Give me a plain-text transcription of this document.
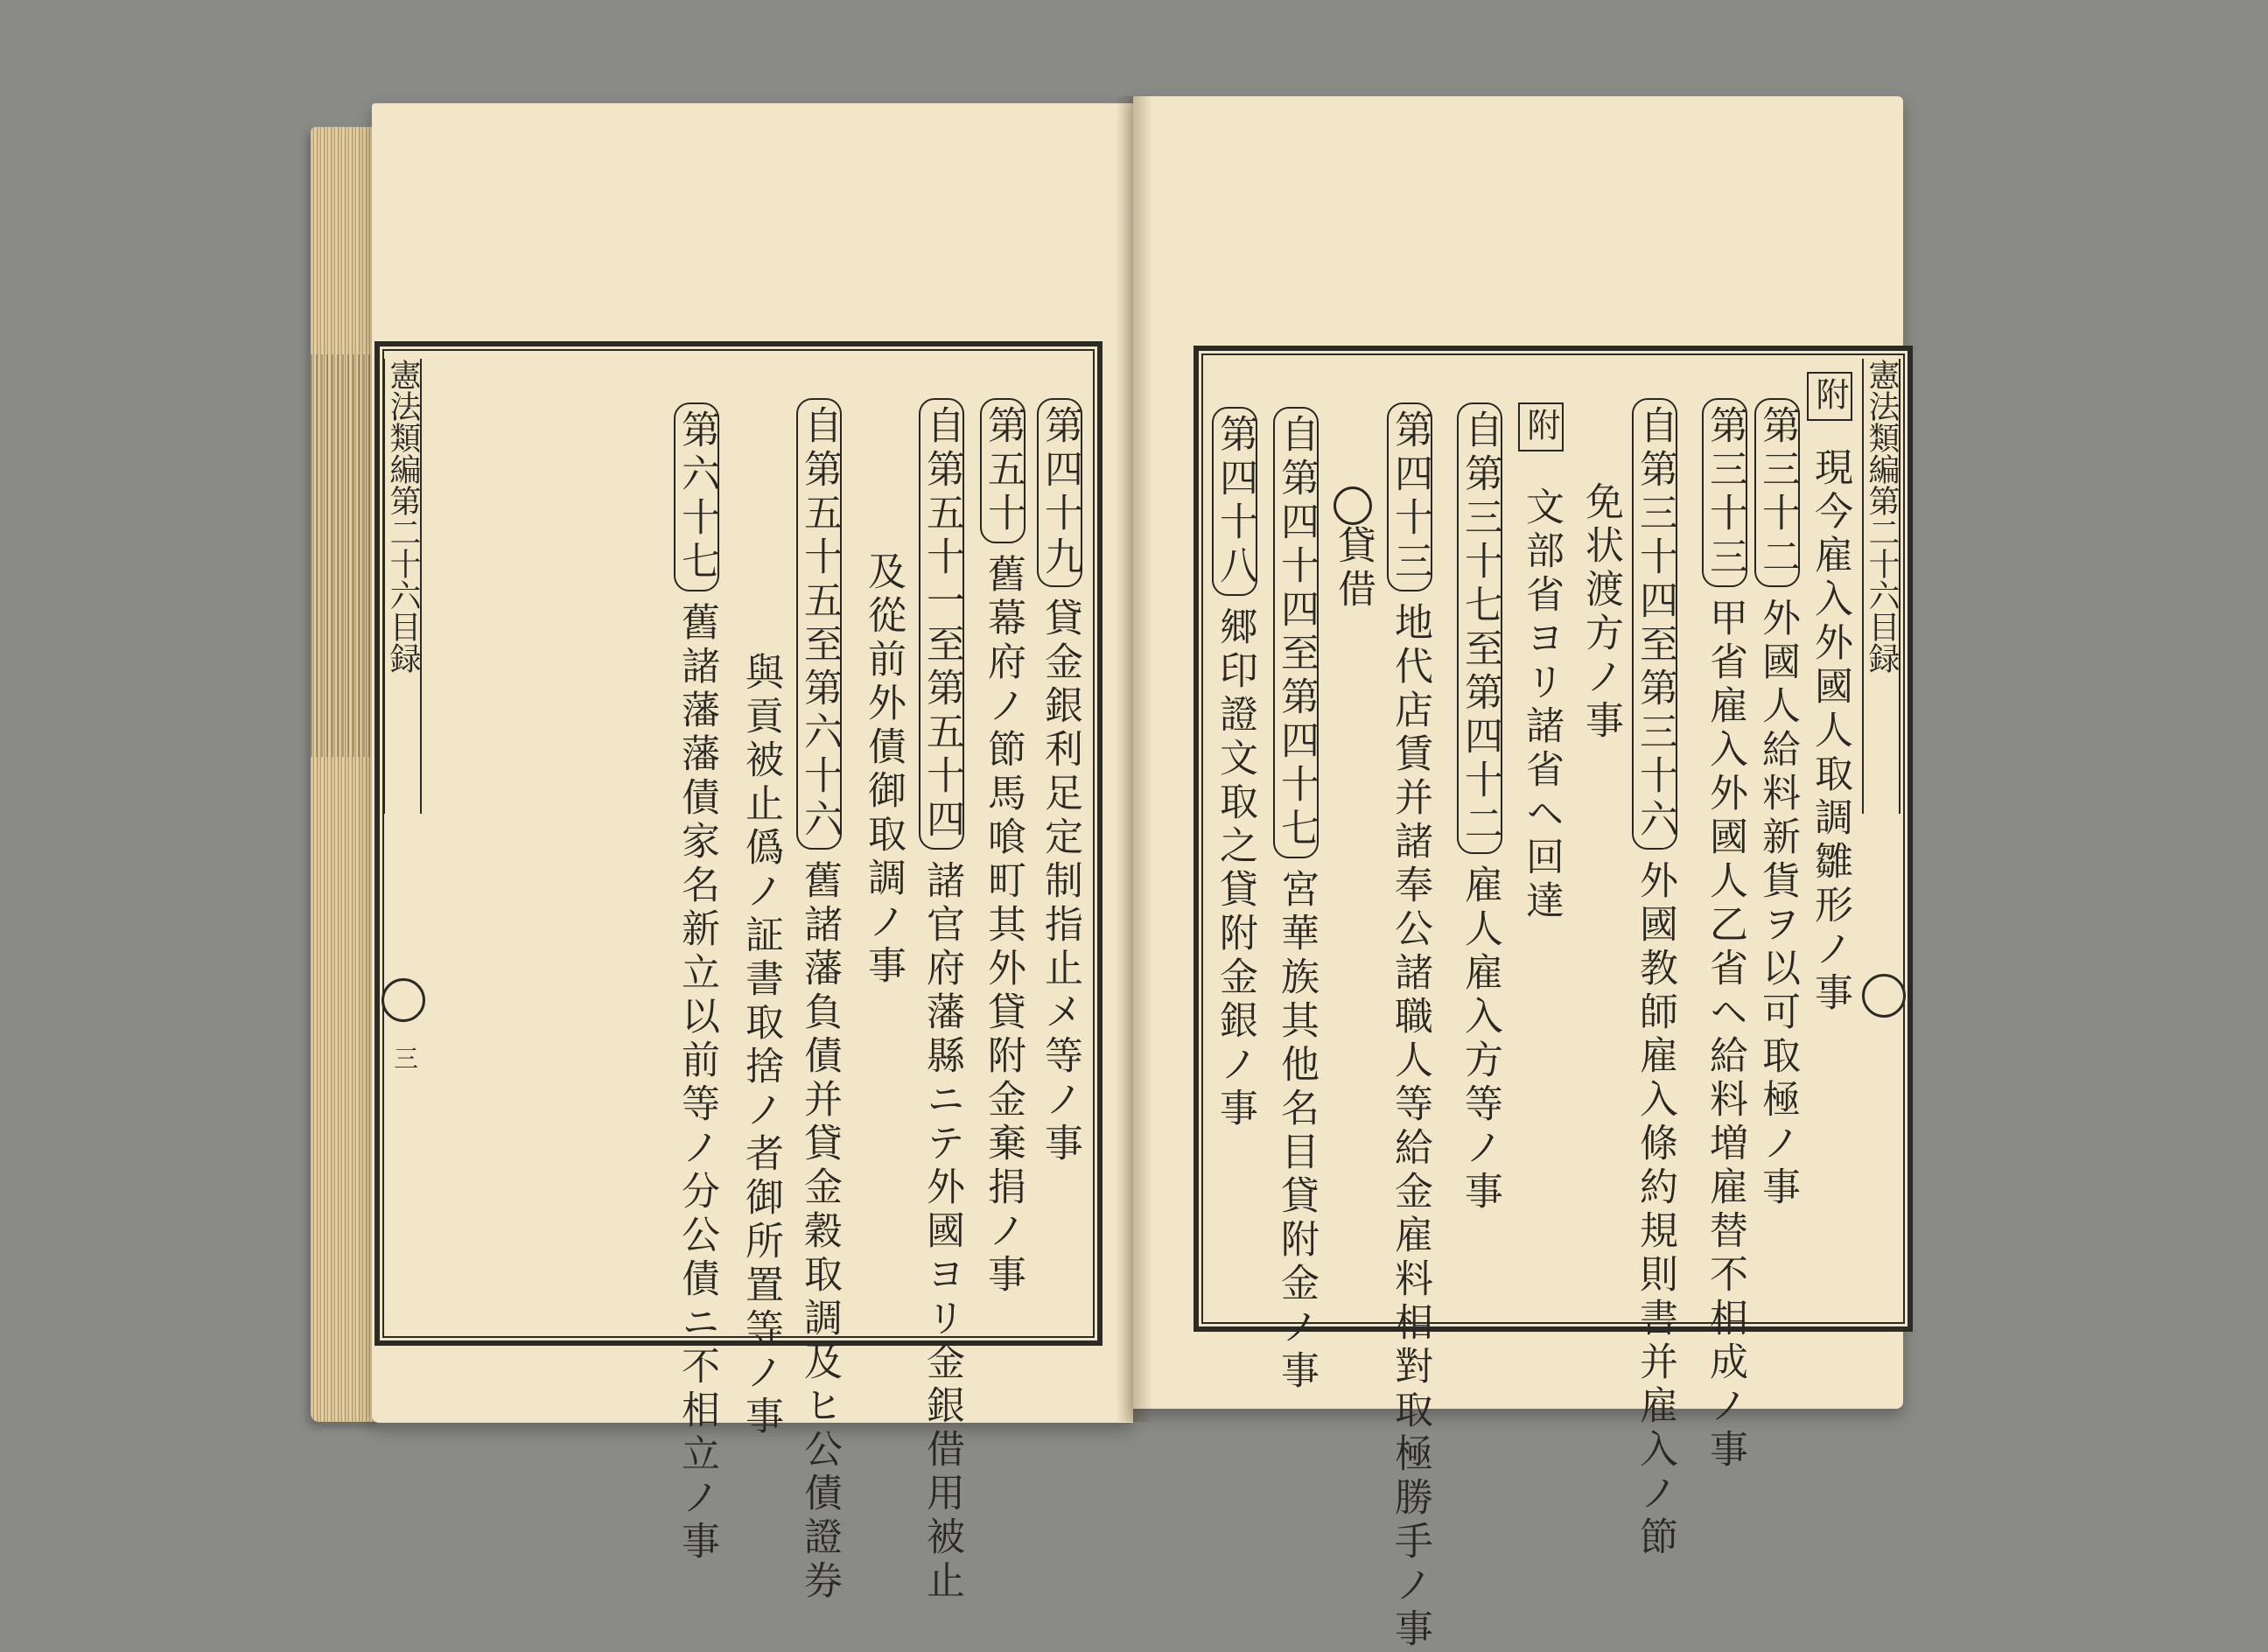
憲法類編
第二十六目録
三
憲法類編
第二十六目録
附現今雇入外國人取調雛形ノ事
第三十二外國人給料新貨ヲ以可取極ノ事
第三十三甲省雇入外國人乙省ヘ給料増雇替不相成ノ事
自第三十四至第三十六外國教師雇入條約規則書并雇入ノ節
免状渡方ノ事
附文部省ヨリ諸省ヘ回達
自第三十七至第四十二雇人雇入方等ノ事
第四十三地代店賃并諸奉公諸職人等給金雇料相對取極勝手ノ事
貸借
自第四十四至第四十七宮華族其他名目貸附金ノ事
第四十八郷印證文取之貸附金銀ノ事
第四十九貸金銀利足定制指止メ等ノ事
第五十舊幕府ノ節馬喰町其外貸附金棄捐ノ事
自第五十一至第五十四諸官府藩縣ニテ外國ヨリ金銀借用被止
及從前外債御取調ノ事
自第五十五至第六十六舊諸藩負債并貸金穀取調及ヒ公債證券
與貢被止僞ノ証書取捨ノ者御所置等ノ事
第六十七舊諸藩藩債家名新立以前等ノ分公債ニ不相立ノ事
